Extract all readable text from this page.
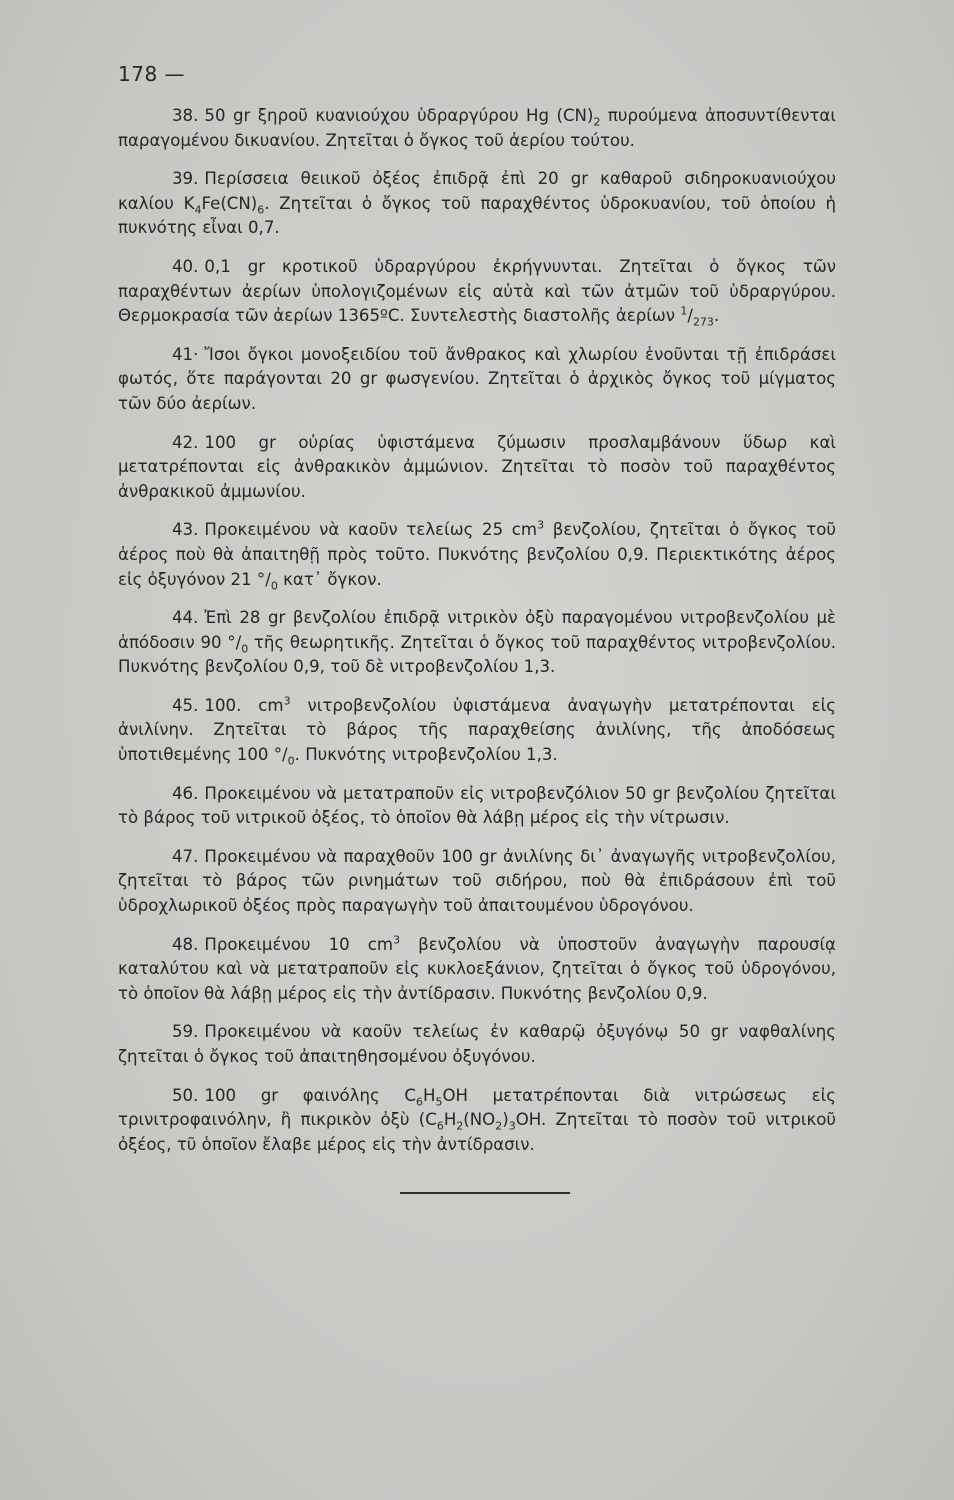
178 —

38. 50 gr ξηροῦ κυανιούχου ὑδραργύρου Hg $(CN)_2$ πυρούμενα ἀποσυντίθενται παραγομένου δικυανίου. Ζητεῖται ὁ ὄγκος τοῦ ἀερίου τούτου.

39. Περίσσεια θειικοῦ ὀξέος ἐπιδρᾷ ἐπὶ 20 gr καθαροῦ σιδηροκυανιούχου καλίου $K_4Fe(CN)_6$. Ζητεῖται ὁ ὄγκος τοῦ παραχθέντος ὑδροκυανίου, τοῦ ὁποίου ἡ πυκνότης εἶναι 0,7.

40. 0,1 gr κροτικοῦ ὑδραργύρου ἐκρήγνυνται. Ζητεῖται ὁ ὄγκος τῶν παραχθέντων ἀερίων ὑπολογιζομένων εἰς αὐτὰ καὶ τῶν ἀτμῶν τοῦ ὑδραργύρου. Θερμοκρασία τῶν ἀερίων 1365ºC. Συντελεστὴς διαστολῆς ἀερίων $^1/_{273}$.

41· Ἴσοι ὄγκοι μονοξειδίου τοῦ ἄνθρακος καὶ χλωρίου ἑνοῦνται τῇ ἐπιδράσει φωτός, ὅτε παράγονται 20 gr φωσγενίου. Ζητεῖται ὁ ἀρχικὸς ὄγκος τοῦ μίγματος τῶν δύο ἀερίων.

42. 100 gr οὐρίας ὑφιστάμενα ζύμωσιν προσλαμβάνουν ὕδωρ καὶ μετατρέπονται εἰς ἀνθρακικὸν ἀμμώνιον. Ζητεῖται τὸ ποσὸν τοῦ παραχθέντος ἀνθρακικοῦ ἀμμωνίου.

43. Προκειμένου νὰ καοῦν τελείως 25 $cm^3$ βενζολίου, ζητεῖται ὁ ὄγκος τοῦ ἀέρος ποὺ θὰ ἀπαιτηθῇ πρὸς τοῦτο. Πυκνότης βενζολίου 0,9. Περιεκτικότης ἀέρος εἰς ὀξυγόνον 21 $^\circ/_0$ κατ᾽ ὄγκον.

44. Ἐπὶ 28 gr βενζολίου ἐπιδρᾷ νιτρικὸν ὀξὺ παραγομένου νιτροβενζολίου μὲ ἀπόδοσιν 90 $^\circ/_0$ τῆς θεωρητικῆς. Ζητεῖται ὁ ὄγκος τοῦ παραχθέντος νιτροβενζολίου. Πυκνότης βενζολίου 0,9, τοῦ δὲ νιτροβενζολίου 1,3.

45. 100. $cm^3$ νιτροβενζολίου ὑφιστάμενα ἀναγωγὴν μετατρέπονται εἰς ἀνιλίνην. Ζητεῖται τὸ βάρος τῆς παραχθείσης ἀνιλίνης, τῆς ἀποδόσεως ὑποτιθεμένης 100 $^\circ/_0$. Πυκνότης νιτροβενζολίου 1,3.

46. Προκειμένου νὰ μετατραποῦν εἰς νιτροβενζόλιον 50 gr βενζολίου ζητεῖται τὸ βάρος τοῦ νιτρικοῦ ὀξέος, τὸ ὁποῖον θὰ λάβῃ μέρος εἰς τὴν νίτρωσιν.

47. Προκειμένου νὰ παραχθοῦν 100 gr ἀνιλίνης δι᾽ ἀναγωγῆς νιτροβενζολίου, ζητεῖται τὸ βάρος τῶν ρινημάτων τοῦ σιδήρου, ποὺ θὰ ἐπιδράσουν ἐπὶ τοῦ ὑδροχλωρικοῦ ὀξέος πρὸς παραγωγὴν τοῦ ἀπαιτουμένου ὑδρογόνου.

48. Προκειμένου 10 $cm^3$ βενζολίου νὰ ὑποστοῦν ἀναγωγὴν παρουσίᾳ καταλύτου καὶ νὰ μετατραποῦν εἰς κυκλοεξάνιον, ζητεῖται ὁ ὄγκος τοῦ ὑδρογόνου, τὸ ὁποῖον θὰ λάβῃ μέρος εἰς τὴν ἀντίδρασιν. Πυκνότης βενζολίου 0,9.

59. Προκειμένου νὰ καοῦν τελείως ἐν καθαρῷ ὀξυγόνῳ 50 gr ναφθαλίνης ζητεῖται ὁ ὄγκος τοῦ ἀπαιτηθησομένου ὀξυγόνου.

50. 100 gr φαινόλης $C_6H_5OH$ μετατρέπονται διὰ νιτρώσεως εἰς τρινιτροφαινόλην, ἢ πικρικὸν ὀξὺ ($C_6H_2(NO_2)_3OH$. Ζητεῖται τὸ ποσὸν τοῦ νιτρικοῦ ὀξέος, τῦ ὁποῖον ἔλαβε μέρος εἰς τὴν ἀντίδρασιν.
